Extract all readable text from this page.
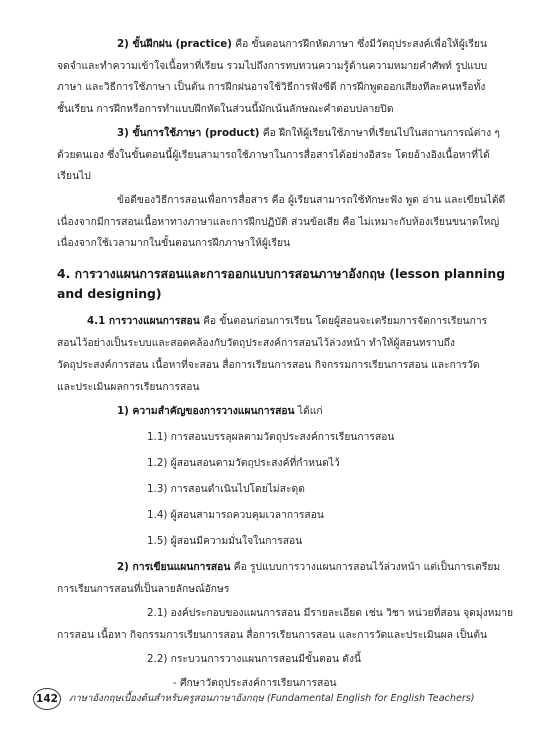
2) ขั้นฝึกฝน (practice) คือ ขั้นตอนการฝึกหัดภาษา ซึ่งมีวัตถุประสงค์เพื่อให้ผู้เรียน
จดจำและทำความเข้าใจเนื้อหาที่เรียน รวมไปถึงการทบทวนความรู้ด้านความหมายคำศัพท์ รูปแบบ
ภาษา และวิธีการใช้ภาษา เป็นต้น การฝึกฝนอาจใช้วิธีการฟังซีดี การฝึกพูดออกเสียงทีละคนหรือทั้ง
ชั้นเรียน การฝึกหรือการทำแบบฝึกหัดในส่วนนี้มักเน้นลักษณะคำตอบปลายปิด
3) ขั้นการใช้ภาษา (product) คือ ฝึกให้ผู้เรียนใช้ภาษาที่เรียนไปในสถานการณ์ต่าง ๆ
ด้วยตนเอง ซึ่งในขั้นตอนนี้ผู้เรียนสามารถใช้ภาษาในการสื่อสารได้อย่างอิสระ โดยอ้างอิงเนื้อหาที่ได้
เรียนไป
ข้อดีของวิธีการสอนเพื่อการสื่อสาร คือ ผู้เรียนสามารถใช้ทักษะฟัง พูด อ่าน และเขียนได้ดี
เนื่องจากมีการสอนเนื้อหาทางภาษาและการฝึกปฏิบัติ ส่วนข้อเสีย คือ ไม่เหมาะกับห้องเรียนขนาดใหญ่
เนื่องจากใช้เวลามากในขั้นตอนการฝึกภาษาให้ผู้เรียน
4. การวางแผนการสอนและการออกแบบการสอนภาษาอังกฤษ (lesson planning
and designing)
4.1 การวางแผนการสอน คือ ขั้นตอนก่อนการเรียน โดยผู้สอนจะเตรียมการจัดการเรียนการ
สอนไว้อย่างเป็นระบบและสอดคล้องกับวัตถุประสงค์การสอนไว้ล่วงหน้า ทำให้ผู้สอนทราบถึง
วัตถุประสงค์การสอน เนื้อหาที่จะสอน สื่อการเรียนการสอน กิจกรรมการเรียนการสอน และการวัด
และประเมินผลการเรียนการสอน
1) ความสำคัญของการวางแผนการสอน ได้แก่
1.1) การสอนบรรลุผลตามวัตถุประสงค์การเรียนการสอน
1.2) ผู้สอนสอนตามวัตถุประสงค์ที่กำหนดไว้
1.3) การสอนดำเนินไปโดยไม่สะดุด
1.4) ผู้สอนสามารถควบคุมเวลาการสอน
1.5) ผู้สอนมีความมั่นใจในการสอน
2) การเขียนแผนการสอน คือ รูปแบบการวางแผนการสอนไว้ล่วงหน้า แต่เป็นการเตรียม
การเรียนการสอนที่เป็นลายลักษณ์อักษร
2.1) องค์ประกอบของแผนการสอน มีรายละเอียด เช่น วิชา หน่วยที่สอน จุดมุ่งหมาย
การสอน เนื้อหา กิจกรรมการเรียนการสอน สื่อการเรียนการสอน และการวัดและประเมินผล เป็นต้น
2.2) กระบวนการวางแผนการสอนมีขั้นตอน ดังนี้
- ศึกษาวัตถุประสงค์การเรียนการสอน
142	ภาษาอังกฤษเบื้องต้นสำหรับครูสอนภาษาอังกฤษ (Fundamental English for English Teachers)
